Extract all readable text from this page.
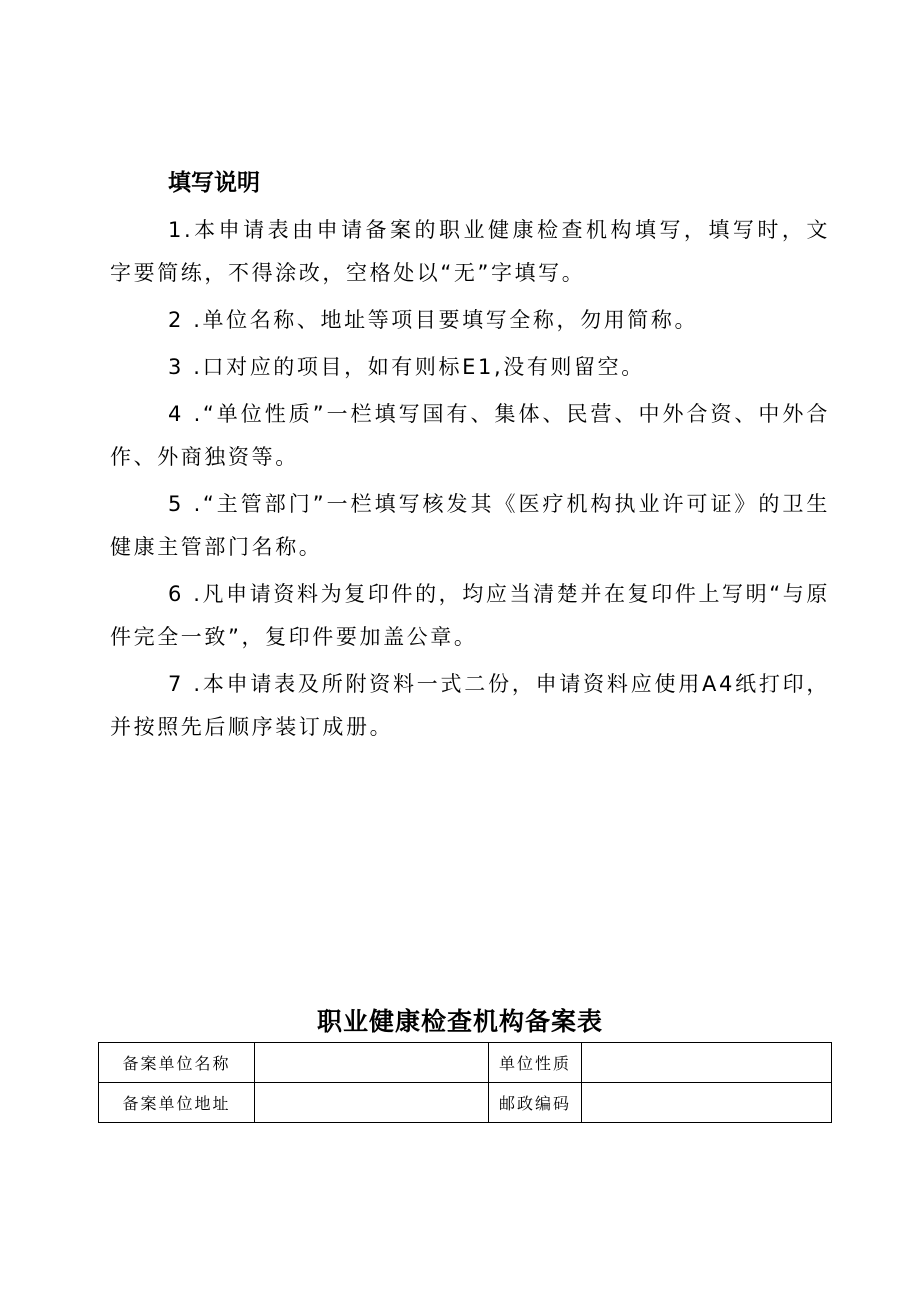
填写说明

1.本申请表由申请备案的职业健康检查机构填写，填写时，文字要简练，不得涂改，空格处以“无”字填写。

2 .单位名称、地址等项目要填写全称，勿用简称。

3 .口对应的项目，如有则标E1,没有则留空。

4 .“单位性质”一栏填写国有、集体、民营、中外合资、中外合作、外商独资等。

5 .“主管部门”一栏填写核发其《医疗机构执业许可证》的卫生健康主管部门名称。

6 .凡申请资料为复印件的，均应当清楚并在复印件上写明“与原件完全一致”，复印件要加盖公章。

7 .本申请表及所附资料一式二份，申请资料应使用A4纸打印，并按照先后顺序装订成册。

职业健康检查机构备案表
备案单位名称		单位性质	
备案单位地址		邮政编码	
